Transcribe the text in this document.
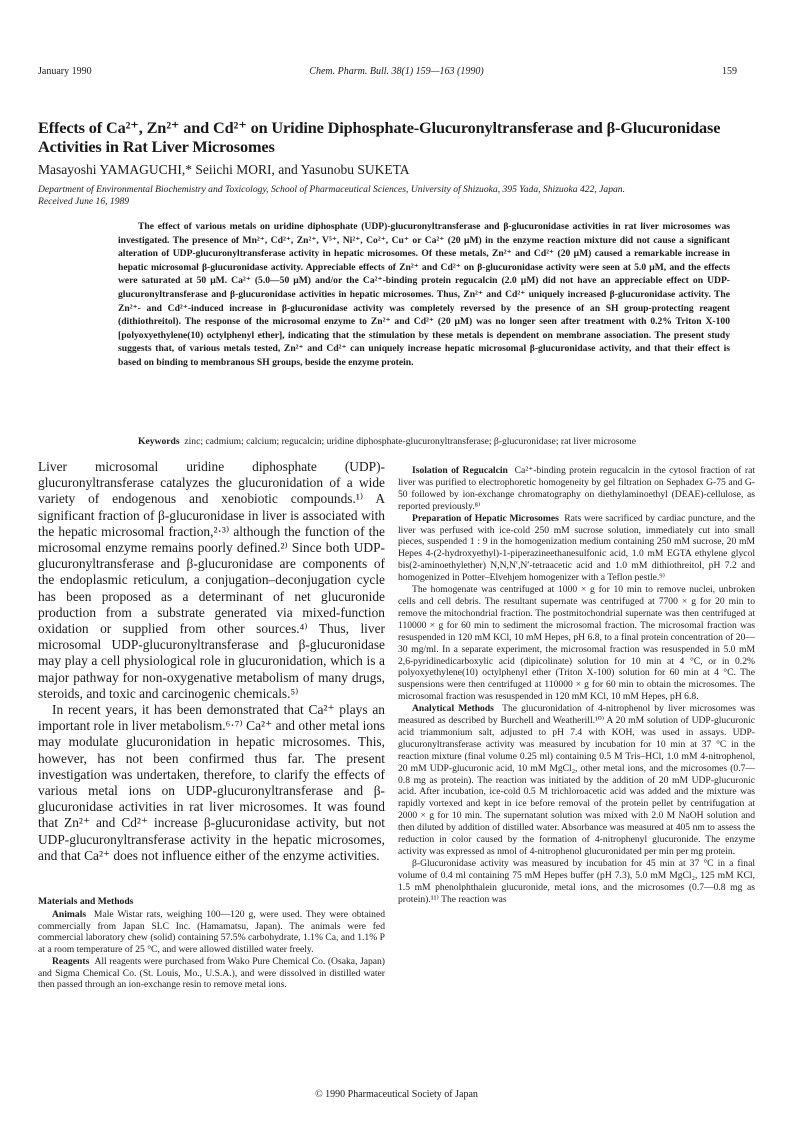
January 1990	Chem. Pharm. Bull. 38(1) 159—163 (1990)	159
Effects of Ca²⁺, Zn²⁺ and Cd²⁺ on Uridine Diphosphate-Glucuronyltransferase and β-Glucuronidase
Activities in Rat Liver Microsomes
Masayoshi YAMAGUCHI,* Seiichi MORI, and Yasunobu SUKETA
Department of Environmental Biochemistry and Toxicology, School of Pharmaceutical Sciences, University of Shizuoka, 395 Yada, Shizuoka 422, Japan.
Received June 16, 1989

The effect of various metals on uridine diphosphate (UDP)-glucuronyltransferase and β-glucuronidase activities in rat liver microsomes was investigated. The presence of Mn²⁺, Cd²⁺, Zn²⁺, V⁵⁺, Ni²⁺, Co²⁺, Cu⁺ or Ca²⁺ (20 μM) in the enzyme reaction mixture did not cause a significant alteration of UDP-glucuronyltransferase activity in hepatic microsomes. Of these metals, Zn²⁺ and Cd²⁺ (20 μM) caused a remarkable increase in hepatic microsomal β-glucuronidase activity. Appreciable effects of Zn²⁺ and Cd²⁺ on β-glucuronidase activity were seen at 5.0 μM, and the effects were saturated at 50 μM. Ca²⁺ (5.0—50 μM) and/or the Ca²⁺-binding protein regucalcin (2.0 μM) did not have an appreciable effect on UDP-glucuronyltransferase and β-glucuronidase activities in hepatic microsomes. Thus, Zn²⁺ and Cd²⁺ uniquely increased β-glucuronidase activity. The Zn²⁺- and Cd²⁺-induced increase in β-glucuronidase activity was completely reversed by the presence of an SH group-protecting reagent (dithiothreitol). The response of the microsomal enzyme to Zn²⁺ and Cd²⁺ (20 μM) was no longer seen after treatment with 0.2% Triton X-100 [polyoxyethylene(10) octylphenyl ether], indicating that the stimulation by these metals is dependent on membrane association. The present study suggests that, of various metals tested, Zn²⁺ and Cd²⁺ can uniquely increase hepatic microsomal β-glucuronidase activity, and that their effect is based on binding to membranous SH groups, beside the enzyme protein.

Keywords zinc; cadmium; calcium; regucalcin; uridine diphosphate-glucuronyltransferase; β-glucuronidase; rat liver microsome

Liver microsomal uridine diphosphate (UDP)-glucuronyltransferase catalyzes the glucuronidation of a wide variety of endogenous and xenobiotic compounds.¹⁾ A significant fraction of β-glucuronidase in liver is associated with the hepatic microsomal fraction,²·³⁾ although the function of the microsomal enzyme remains poorly defined.²⁾ Since both UDP-glucuronyltransferase and β-glucuronidase are components of the endoplasmic reticulum, a conjugation–deconjugation cycle has been proposed as a determinant of net glucuronide production from a substrate generated via mixed-function oxidation or supplied from other sources.⁴⁾ Thus, liver microsomal UDP-glucuronyltransferase and β-glucuronidase may play a cell physiological role in glucuronidation, which is a major pathway for non-oxygenative metabolism of many drugs, steroids, and toxic and carcinogenic chemicals.⁵⁾

In recent years, it has been demonstrated that Ca²⁺ plays an important role in liver metabolism.⁶·⁷⁾ Ca²⁺ and other metal ions may modulate glucuronidation in hepatic microsomes. This, however, has not been confirmed thus far. The present investigation was undertaken, therefore, to clarify the effects of various metal ions on UDP-glucuronyltransferase and β-glucuronidase activities in rat liver microsomes. It was found that Zn²⁺ and Cd²⁺ increase β-glucuronidase activity, but not UDP-glucuronyltransferase activity in the hepatic microsomes, and that Ca²⁺ does not influence either of the enzyme activities.

Materials and Methods

Animals Male Wistar rats, weighing 100—120 g, were used. They were obtained commercially from Japan SLC Inc. (Hamamatsu, Japan). The animals were fed commercial laboratory chew (solid) containing 57.5% carbohydrate, 1.1% Ca, and 1.1% P at a room temperature of 25 °C, and were allowed distilled water freely.

Reagents All reagents were purchased from Wako Pure Chemical Co. (Osaka, Japan) and Sigma Chemical Co. (St. Louis, Mo., U.S.A.), and were dissolved in distilled water then passed through an ion-exchange resin to remove metal ions.

Isolation of Regucalcin Ca²⁺-binding protein regucalcin in the cytosol fraction of rat liver was purified to electrophoretic homogeneity by gel filtration on Sephadex G-75 and G-50 followed by ion-exchange chromatography on diethylaminoethyl (DEAE)-cellulose, as reported previously.⁸⁾

Preparation of Hepatic Microsomes Rats were sacrificed by cardiac puncture, and the liver was perfused with ice-cold 250 mM sucrose solution, immediately cut into small pieces, suspended 1 : 9 in the homogenization medium containing 250 mM sucrose, 20 mM Hepes 4-(2-hydroxyethyl)-1-piperazineethanesulfonic acid, 1.0 mM EGTA ethylene glycol bis(2-aminoethylether) N,N,N′,N′-tetraacetic acid and 1.0 mM dithiothreitol, pH 7.2 and homogenized in Potter–Elvehjem homogenizer with a Teflon pestle.⁹⁾

The homogenate was centrifuged at 1000 × g for 10 min to remove nuclei, unbroken cells and cell debris. The resultant supernate was centrifuged at 7700 × g for 20 min to remove the mitochondrial fraction. The postmitochondrial supernate was then centrifuged at 110000 × g for 60 min to sediment the microsomal fraction. The microsomal fraction was resuspended in 120 mM KCl, 10 mM Hepes, pH 6.8, to a final protein concentration of 20—30 mg/ml. In a separate experiment, the microsomal fraction was resuspended in 5.0 mM 2,6-pyridinedicarboxylic acid (dipicolinate) solution for 10 min at 4 °C, or in 0.2% polyoxyethylene(10) octylphenyl ether (Triton X-100) solution for 60 min at 4 °C. The suspensions were then centrifuged at 110000 × g for 60 min to obtain the microsomes. The microsomal fraction was resuspended in 120 mM KCl, 10 mM Hepes, pH 6.8.

Analytical Methods The glucuronidation of 4-nitrophenol by liver microsomes was measured as described by Burchell and Weatherill.¹⁰⁾ A 20 mM solution of UDP-glucuronic acid triammonium salt, adjusted to pH 7.4 with KOH, was used in assays. UDP-glucuronyltransferase activity was measured by incubation for 10 min at 37 °C in the reaction mixture (final volume 0.25 ml) containing 0.5 M Tris–HCl, 1.0 mM 4-nitrophenol, 20 mM UDP-glucuronic acid, 10 mM MgCl₂, other metal ions, and the microsomes (0.7—0.8 mg as protein). The reaction was initiated by the addition of 20 mM UDP-glucuronic acid. After incubation, ice-cold 0.5 M trichloroacetic acid was added and the mixture was rapidly vortexed and kept in ice before removal of the protein pellet by centrifugation at 2000 × g for 10 min. The supernatant solution was mixed with 2.0 M NaOH solution and then diluted by addition of distilled water. Absorbance was measured at 405 nm to assess the reduction in color caused by the formation of 4-nitrophenyl glucuronide. The enzyme activity was expressed as nmol of 4-nitrophenol glucuronidated per min per mg protein.

β-Glucuronidase activity was measured by incubation for 45 min at 37 °C in a final volume of 0.4 ml containing 75 mM Hepes buffer (pH 7.3), 5.0 mM MgCl₂, 125 mM KCl, 1.5 mM phenolphthalein glucuronide, metal ions, and the microsomes (0.7—0.8 mg as protein).¹¹⁾ The reaction was

© 1990 Pharmaceutical Society of Japan
